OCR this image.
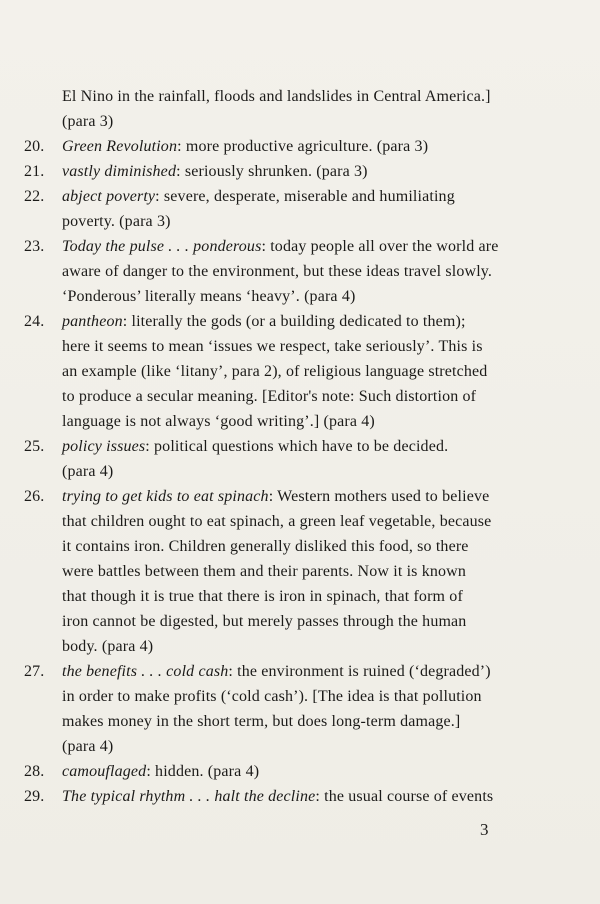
El Nino in the rainfall, floods and landslides in Central America.]
(para 3)
20.	Green Revolution: more productive agriculture. (para 3)
21.	vastly diminished: seriously shrunken. (para 3)
22.	abject poverty: severe, desperate, miserable and humiliating
poverty. (para 3)
23.	Today the pulse . . . ponderous: today people all over the world are
aware of danger to the environment, but these ideas travel slowly.
‘Ponderous’ literally means ‘heavy’. (para 4)
24.	pantheon: literally the gods (or a building dedicated to them);
here it seems to mean ‘issues we respect, take seriously’. This is
an example (like ‘litany’, para 2), of religious language stretched
to produce a secular meaning. [Editor's note: Such distortion of
language is not always ‘good writing’.] (para 4)
25.	policy issues: political questions which have to be decided.
(para 4)
26.	trying to get kids to eat spinach: Western mothers used to believe
that children ought to eat spinach, a green leaf vegetable, because
it contains iron. Children generally disliked this food, so there
were battles between them and their parents. Now it is known
that though it is true that there is iron in spinach, that form of
iron cannot be digested, but merely passes through the human
body. (para 4)
27.	the benefits . . . cold cash: the environment is ruined (‘degraded’)
in order to make profits (‘cold cash’). [The idea is that pollution
makes money in the short term, but does long-term damage.]
(para 4)
28.	camouflaged: hidden. (para 4)
29.	The typical rhythm . . . halt the decline: the usual course of events
3
